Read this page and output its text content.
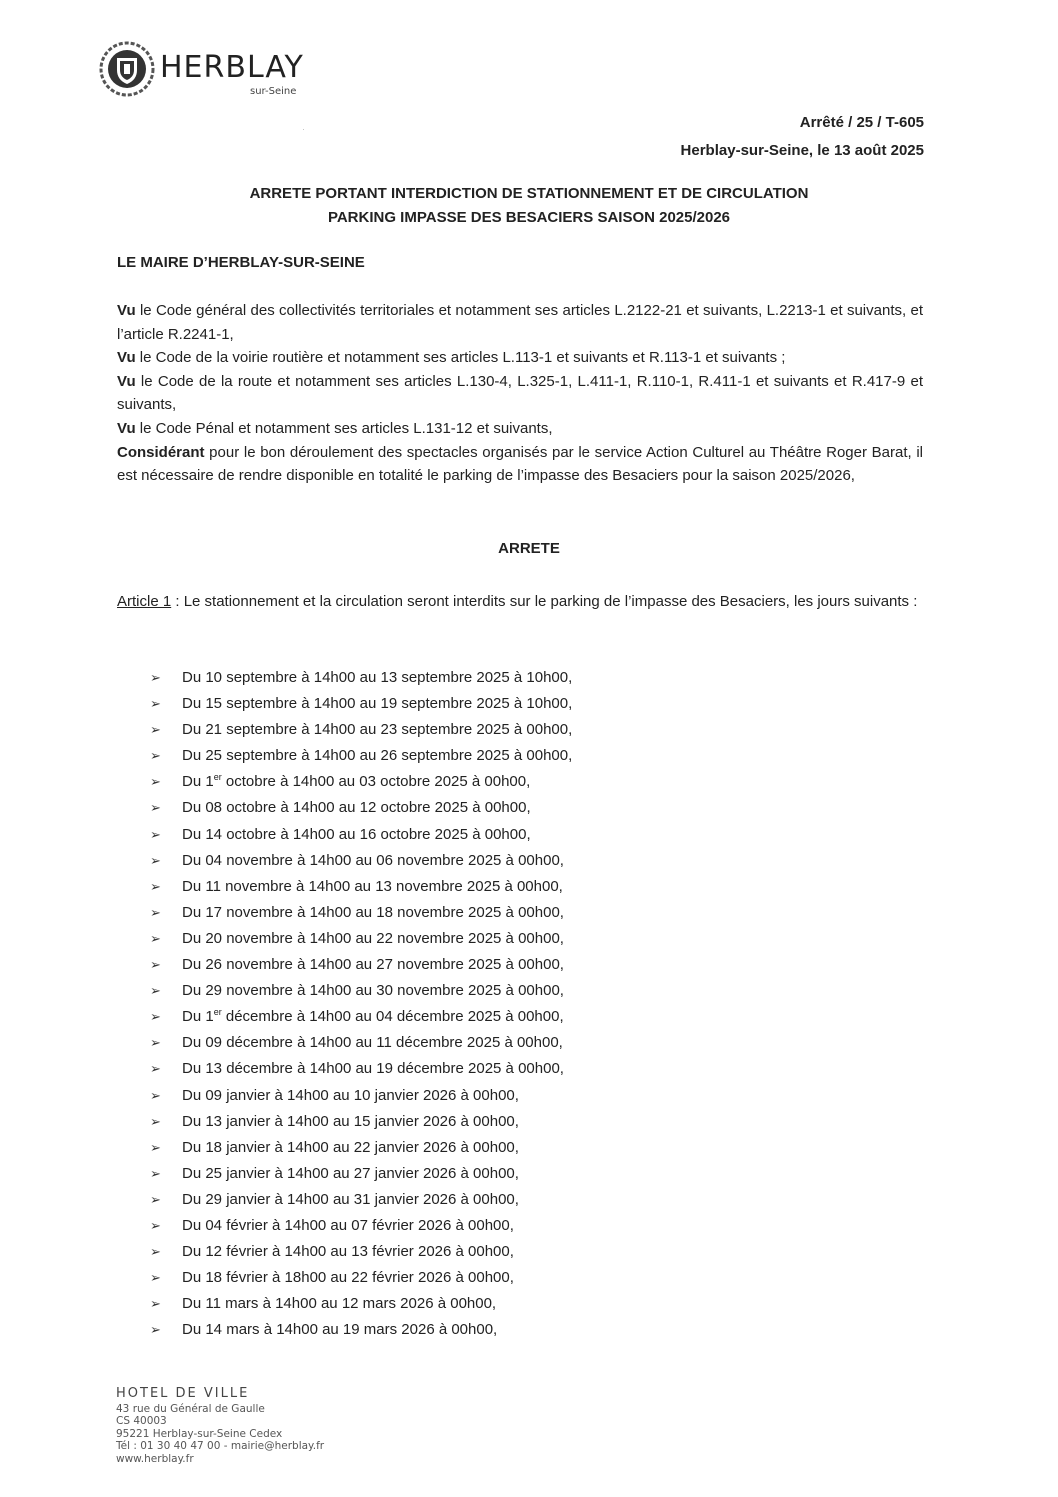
HERBLAY
sur-Seine
·	Arrêté / 25 / T-605
Herblay-sur-Seine, le 13 août 2025
ARRETE PORTANT INTERDICTION DE STATIONNEMENT ET DE CIRCULATION
PARKING IMPASSE DES BESACIERS SAISON 2025/2026
LE MAIRE D’HERBLAY-SUR-SEINE

Vu le Code général des collectivités territoriales et notamment ses articles L.2122-21 et suivants, L.2213-1 et suivants, et l’article R.2241-1,

Vu le Code de la voirie routière et notamment ses articles L.113-1 et suivants et R.113-1 et suivants ;

Vu le Code de la route et notamment ses articles L.130-4, L.325-1, L.411-1, R.110-1, R.411-1 et suivants et R.417-9 et suivants,

Vu le Code Pénal et notamment ses articles L.131-12 et suivants,

Considérant pour le bon déroulement des spectacles organisés par le service Action Culturel au Théâtre Roger Barat, il est nécessaire de rendre disponible en totalité le parking de l’impasse des Besaciers pour la saison 2025/2026,

ARRETE
Article 1 : Le stationnement et la circulation seront interdits sur le parking de l’impasse des Besaciers, les jours suivants :
➢ Du 10 septembre à 14h00 au 13 septembre 2025 à 10h00,
➢ Du 15 septembre à 14h00 au 19 septembre 2025 à 10h00,
➢ Du 21 septembre à 14h00 au 23 septembre 2025 à 00h00,
➢ Du 25 septembre à 14h00 au 26 septembre 2025 à 00h00,
➢ Du 1er octobre à 14h00 au 03 octobre 2025 à 00h00,
➢ Du 08 octobre à 14h00 au 12 octobre 2025 à 00h00,
➢ Du 14 octobre à 14h00 au 16 octobre 2025 à 00h00,
➢ Du 04 novembre à 14h00 au 06 novembre 2025 à 00h00,
➢ Du 11 novembre à 14h00 au 13 novembre 2025 à 00h00,
➢ Du 17 novembre à 14h00 au 18 novembre 2025 à 00h00,
➢ Du 20 novembre à 14h00 au 22 novembre 2025 à 00h00,
➢ Du 26 novembre à 14h00 au 27 novembre 2025 à 00h00,
➢ Du 29 novembre à 14h00 au 30 novembre 2025 à 00h00,
➢ Du 1er décembre à 14h00 au 04 décembre 2025 à 00h00,
➢ Du 09 décembre à 14h00 au 11 décembre 2025 à 00h00,
➢ Du 13 décembre à 14h00 au 19 décembre 2025 à 00h00,
➢ Du 09 janvier à 14h00 au 10 janvier 2026 à 00h00,
➢ Du 13 janvier à 14h00 au 15 janvier 2026 à 00h00,
➢ Du 18 janvier à 14h00 au 22 janvier 2026 à 00h00,
➢ Du 25 janvier à 14h00 au 27 janvier 2026 à 00h00,
➢ Du 29 janvier à 14h00 au 31 janvier 2026 à 00h00,
➢ Du 04 février à 14h00 au 07 février 2026 à 00h00,
➢ Du 12 février à 14h00 au 13 février 2026 à 00h00,
➢ Du 18 février à 18h00 au 22 février 2026 à 00h00,
➢ Du 11 mars à 14h00 au 12 mars 2026 à 00h00,
➢ Du 14 mars à 14h00 au 19 mars 2026 à 00h00,
HOTEL DE VILLE
43 rue du Général de Gaulle
CS 40003
95221 Herblay-sur-Seine Cedex
Tél : 01 30 40 47 00 - mairie@herblay.fr
www.herblay.fr
